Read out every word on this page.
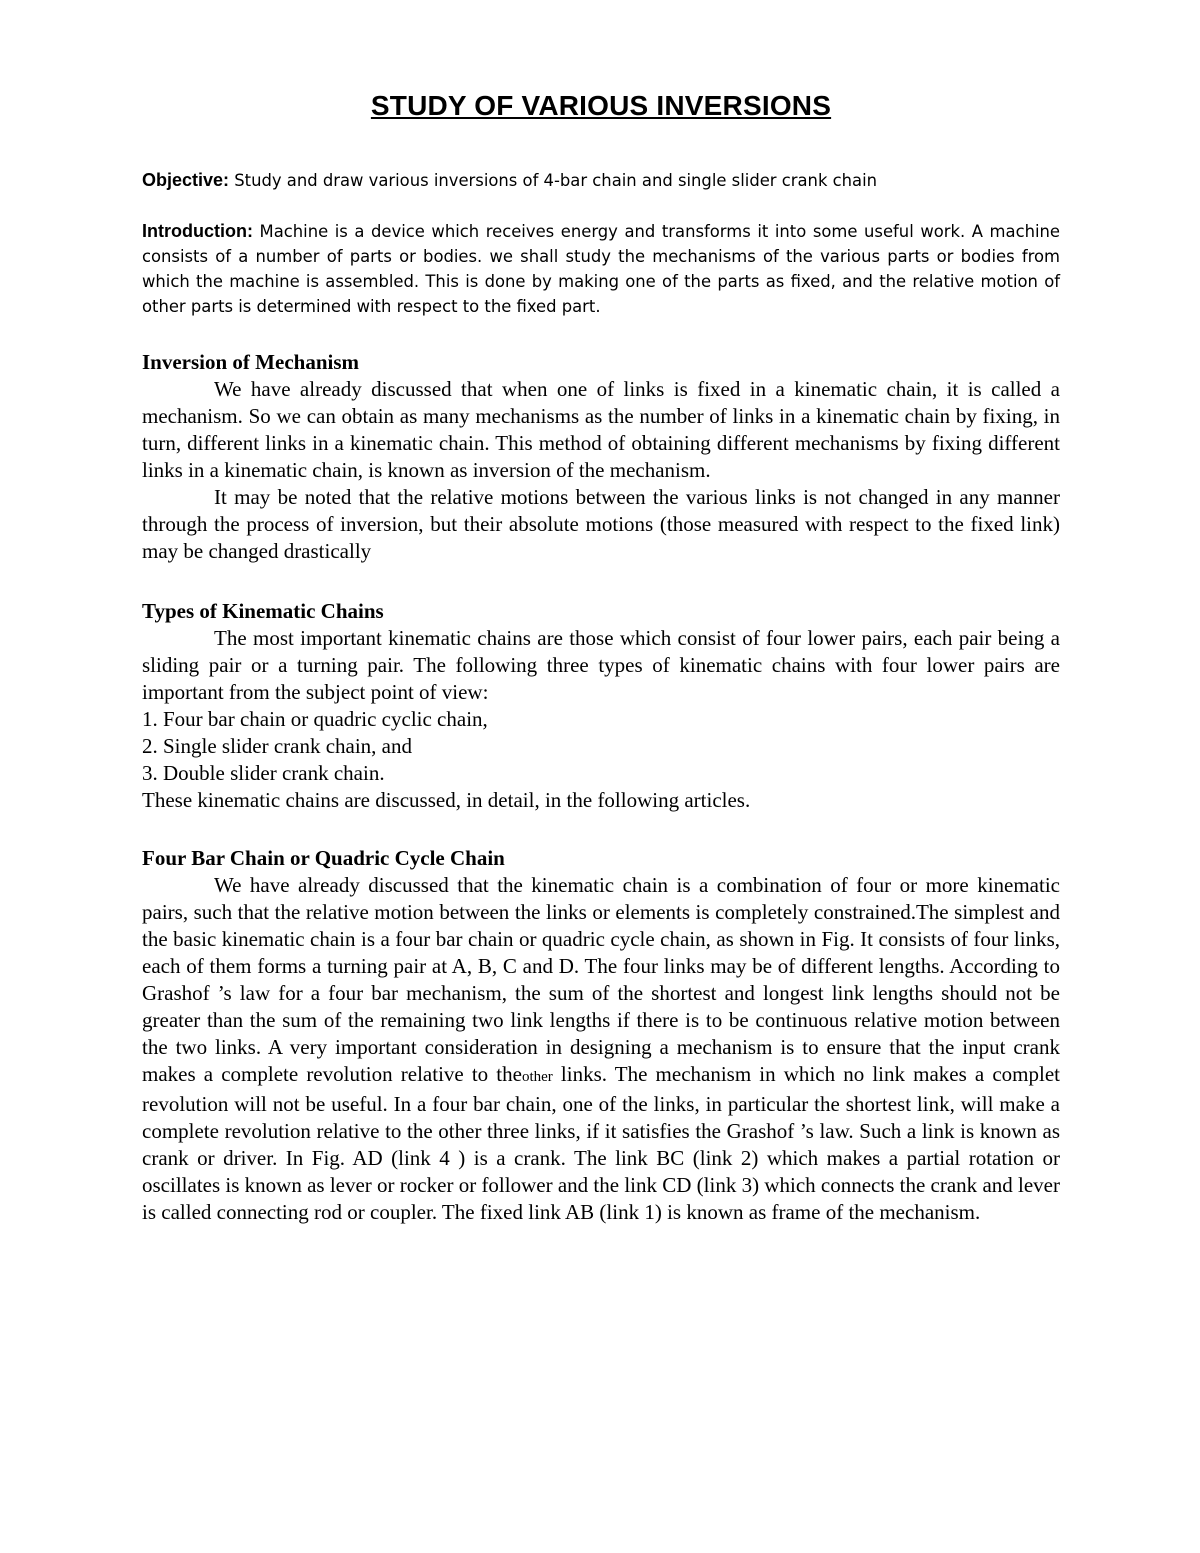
STUDY OF VARIOUS INVERSIONS

Objective: Study and draw various inversions of 4-bar chain and single slider crank chain

Introduction: Machine is a device which receives energy and transforms it into some useful work. A machine consists of a number of parts or bodies. we shall study the mechanisms of the various parts or bodies from which the machine is assembled. This is done by making one of the parts as fixed, and the relative motion of other parts is determined with respect to the fixed part.

Inversion of Mechanism

We have already discussed that when one of links is fixed in a kinematic chain, it is called a mechanism. So we can obtain as many mechanisms as the number of links in a kinematic chain by fixing, in turn, different links in a kinematic chain. This method of obtaining different mechanisms by fixing different links in a kinematic chain, is known as inversion of the mechanism.

It may be noted that the relative motions between the various links is not changed in any manner through the process of inversion, but their absolute motions (those measured with respect to the fixed link) may be changed drastically

Types of Kinematic Chains

The most important kinematic chains are those which consist of four lower pairs, each pair being a sliding pair or a turning pair. The following three types of kinematic chains with four lower pairs are important from the subject point of view:

1. Four bar chain or quadric cyclic chain,

2. Single slider crank chain, and

3. Double slider crank chain.

These kinematic chains are discussed, in detail, in the following articles.

Four Bar Chain or Quadric Cycle Chain

We have already discussed that the kinematic chain is a combination of four or more kinematic pairs, such that the relative motion between the links or elements is completely constrained.The simplest and the basic kinematic chain is a four bar chain or quadric cycle chain, as shown in Fig. It consists of four links, each of them forms a turning pair at A, B, C and D. The four links may be of different lengths. According to Grashof ’s law for a four bar mechanism, the sum of the shortest and longest link lengths should not be greater than the sum of the remaining two link lengths if there is to be continuous relative motion between the two links. A very important consideration in designing a mechanism is to ensure that the input crank makes a complete revolution relative to theother links. The mechanism in which no link makes a complet revolution will not be useful. In a four bar chain, one of the links, in particular the shortest link, will make a complete revolution relative to the other three links, if it satisfies the Grashof ’s law. Such a link is known as crank or driver. In Fig. AD (link 4 ) is a crank. The link BC (link 2) which makes a partial rotation or oscillates is known as lever or rocker or follower and the link CD (link 3) which connects the crank and lever is called connecting rod or coupler. The fixed link AB (link 1) is known as frame of the mechanism.
